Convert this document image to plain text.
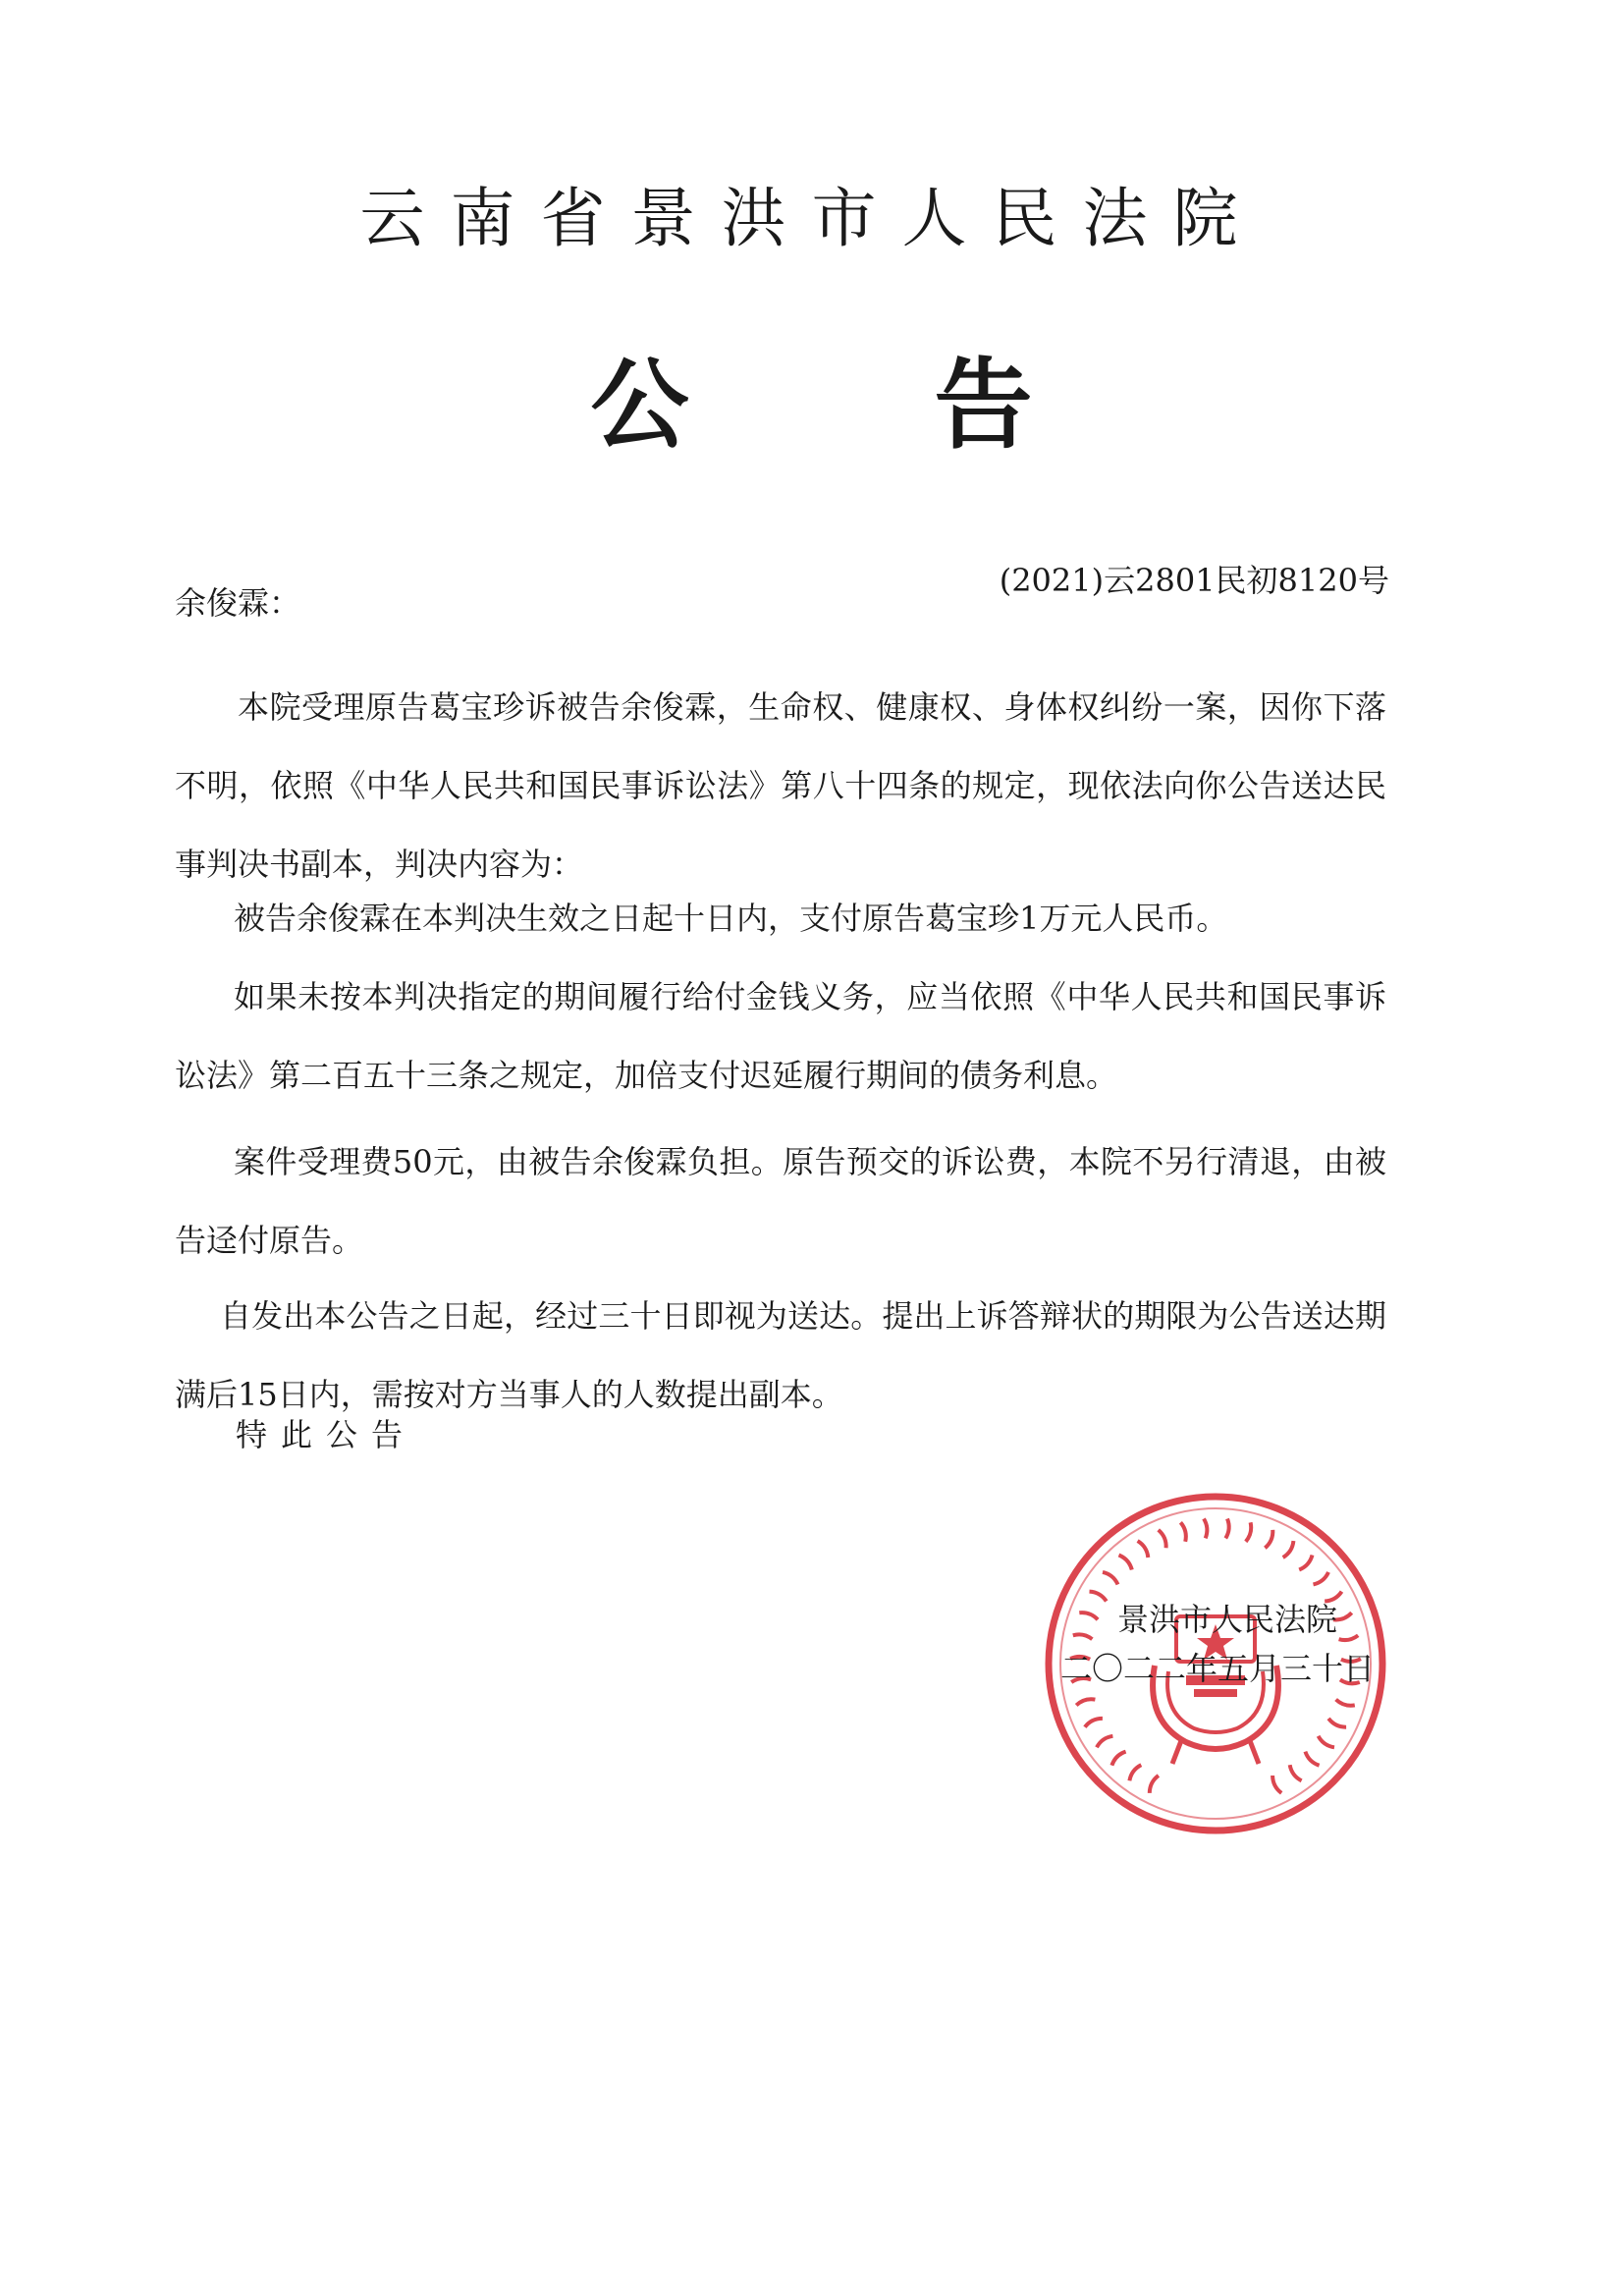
云南省景洪市人民法院
公告
(2021)云2801民初8120号
余俊霖：

本院受理原告葛宝珍诉被告余俊霖，生命权、健康权、身体权纠纷一案，因你下落不明，依照《中华人民共和国民事诉讼法》第八十四条的规定，现依法向你公告送达民事判决书副本，判决内容为：

被告余俊霖在本判决生效之日起十日内，支付原告葛宝珍1万元人民币。

如果未按本判决指定的期间履行给付金钱义务，应当依照《中华人民共和国民事诉讼法》第二百五十三条之规定，加倍支付迟延履行期间的债务利息。

案件受理费50元，由被告余俊霖负担。原告预交的诉讼费，本院不另行清退，由被告迳付原告。

自发出本公告之日起，经过三十日即视为送达。提出上诉答辩状的期限为公告送达期满后15日内，需按对方当事人的人数提出副本。

特此公告
景洪市人民法院
二〇二二年五月三十日
